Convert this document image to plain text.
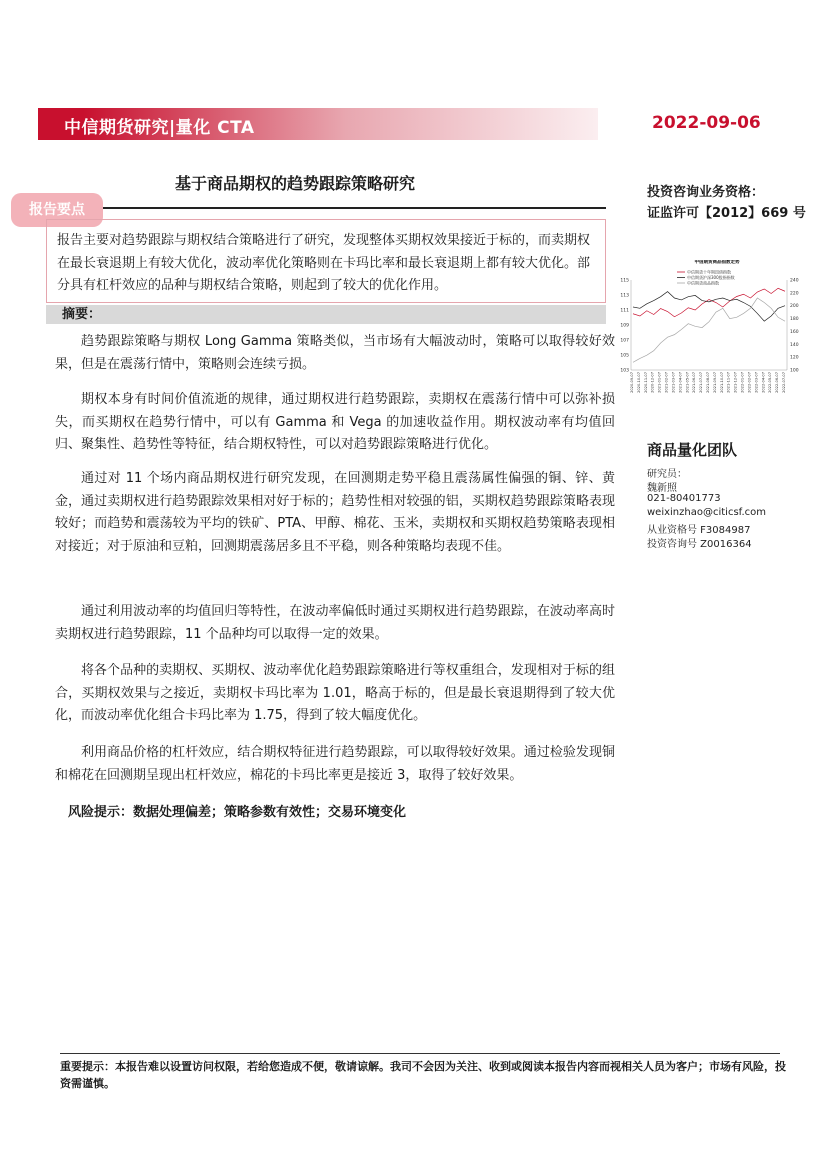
中信期货研究|量化 CTA	2022-09-06
基于商品期权的趋势跟踪策略研究
报告要点
报告主要对趋势跟踪与期权结合策略进行了研究，发现整体买期权效果接近于标的，而卖期权在最长衰退期上有较大优化，波动率优化策略则在卡玛比率和最长衰退期上都有较大优化。部分具有杠杆效应的品种与期权结合策略，则起到了较大的优化作用。
摘要：

趋势跟踪策略与期权 Long Gamma 策略类似，当市场有大幅波动时，策略可以取得较好效果，但是在震荡行情中，策略则会连续亏损。

期权本身有时间价值流逝的规律，通过期权进行趋势跟踪，卖期权在震荡行情中可以弥补损失，而买期权在趋势行情中，可以有 Gamma 和 Vega 的加速收益作用。期权波动率有均值回归、聚集性、趋势性等特征，结合期权特性，可以对趋势跟踪策略进行优化。

通过对 11 个场内商品期权进行研究发现，在回测期走势平稳且震荡属性偏强的铜、锌、黄金，通过卖期权进行趋势跟踪效果相对好于标的；趋势性相对较强的铝，买期权趋势跟踪策略表现较好；而趋势和震荡较为平均的铁矿、PTA、甲醇、棉花、玉米，卖期权和买期权趋势策略表现相对接近；对于原油和豆粕，回测期震荡居多且不平稳，则各种策略均表现不佳。

通过利用波动率的均值回归等特性，在波动率偏低时通过买期权进行趋势跟踪，在波动率高时卖期权进行趋势跟踪，11 个品种均可以取得一定的效果。

将各个品种的卖期权、买期权、波动率优化趋势跟踪策略进行等权重组合，发现相对于标的组合，买期权效果与之接近，卖期权卡玛比率为 1.01，略高于标的，但是最长衰退期得到了较大优化，而波动率优化组合卡玛比率为 1.75，得到了较大幅度优化。

利用商品价格的杠杆效应，结合期权特征进行趋势跟踪，可以取得较好效果。通过检验发现铜和棉花在回测期呈现出杠杆效应，棉花的卡玛比率更是接近 3，取得了较好效果。

风险提示：数据处理偏差；策略参数有效性；交易环境变化
投资咨询业务资格：
证监许可【2012】669 号
中信期货商品指数走势
中信期货十年期国债指数
中信期货沪深300股指指数
中信期货商品指数
115
113
111
109
107
105
103
240
220
200
180
160
140
120
100
2020-09-07 2020-10-07 2020-11-07 2020-12-07 2021-01-07 2021-02-07 2021-03-07 2021-04-07 2021-05-07 2021-06-07 2021-07-07 2021-08-07 2021-09-07 2021-10-07 2021-11-07 2021-12-07 2022-01-07 2022-02-07 2022-03-07 2022-04-07 2022-05-07 2022-06-07 2022-07-07
商品量化团队
研究员：
魏新照
021-80401773
weixinzhao@citicsf.com
从业资格号 F3084987
投资咨询号 Z0016364
重要提示：本报告难以设置访问权限，若给您造成不便，敬请谅解。我司不会因为关注、收到或阅读本报告内容而视相关人员为客户；市场有风险，投资需谨慎。
